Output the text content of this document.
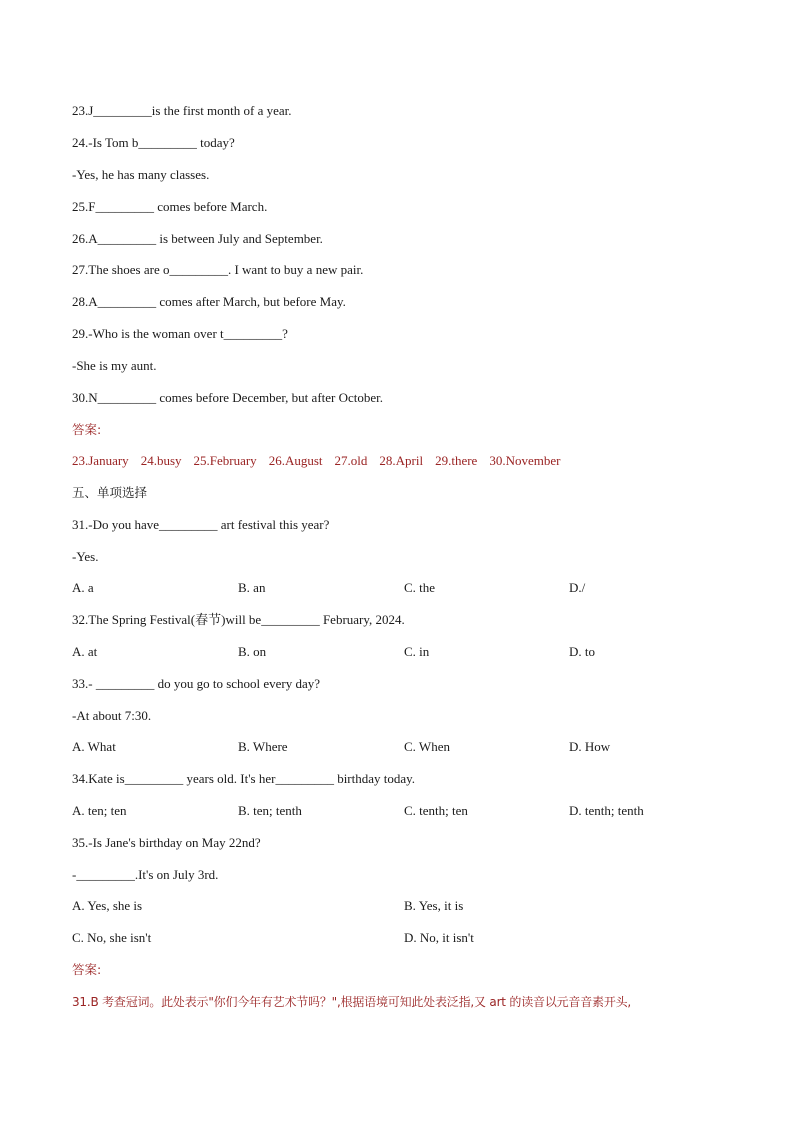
23.J_________is the first month of a year.
24.-Is Tom b_________ today?
-Yes, he has many classes.
25.F_________ comes before March.
26.A_________ is between July and September.
27.The shoes are o_________. I want to buy a new pair.
28.A_________ comes after March, but before May.
29.-Who is the woman over t_________?
-She is my aunt.
30.N_________ comes before December, but after October.
答案:
23.January 24.busy 25.February 26.August 27.old 28.April 29.there 30.November
五、单项选择
31.-Do you have_________ art festival this year?
-Yes.
A. a	B. an	C. the	D./
32.The Spring Festival(春节)will be_________ February, 2024.
A. at	B. on	C. in	D. to
33.- _________ do you go to school every day?
-At about 7:30.
A. What	B. Where	C. When	D. How
34.Kate is_________ years old. It's her_________ birthday today.
A. ten; ten	B. ten; tenth	C. tenth; ten	D. tenth; tenth
35.-Is Jane's birthday on May 22nd?
-_________.It's on July 3rd.
A. Yes, she is	B. Yes, it is
C. No, she isn't	D. No, it isn't
答案:
31.B 考查冠词。此处表示"你们今年有艺术节吗？",根据语境可知此处表泛指,又 art 的读音以元音音素开头,
